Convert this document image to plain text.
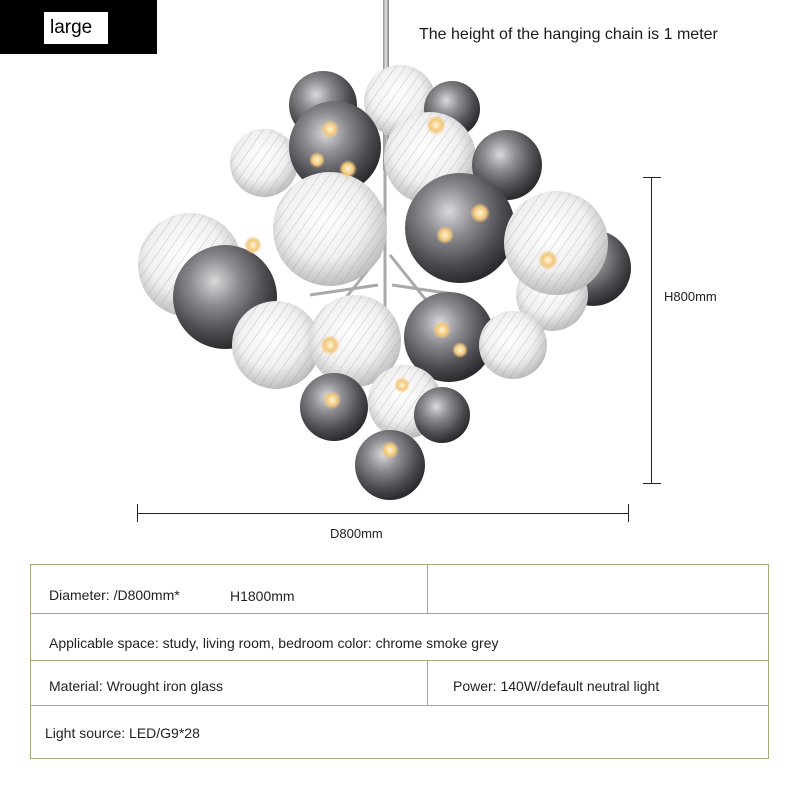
large	The height of the hanging chain is 1 meter
H800mm
D800mm
Diameter: /D800mm*	H1800mm
Applicable space: study, living room, bedroom color: chrome smoke grey
Material: Wrought iron glass	Power: 140W/default neutral light
Light source: LED/G9*28
